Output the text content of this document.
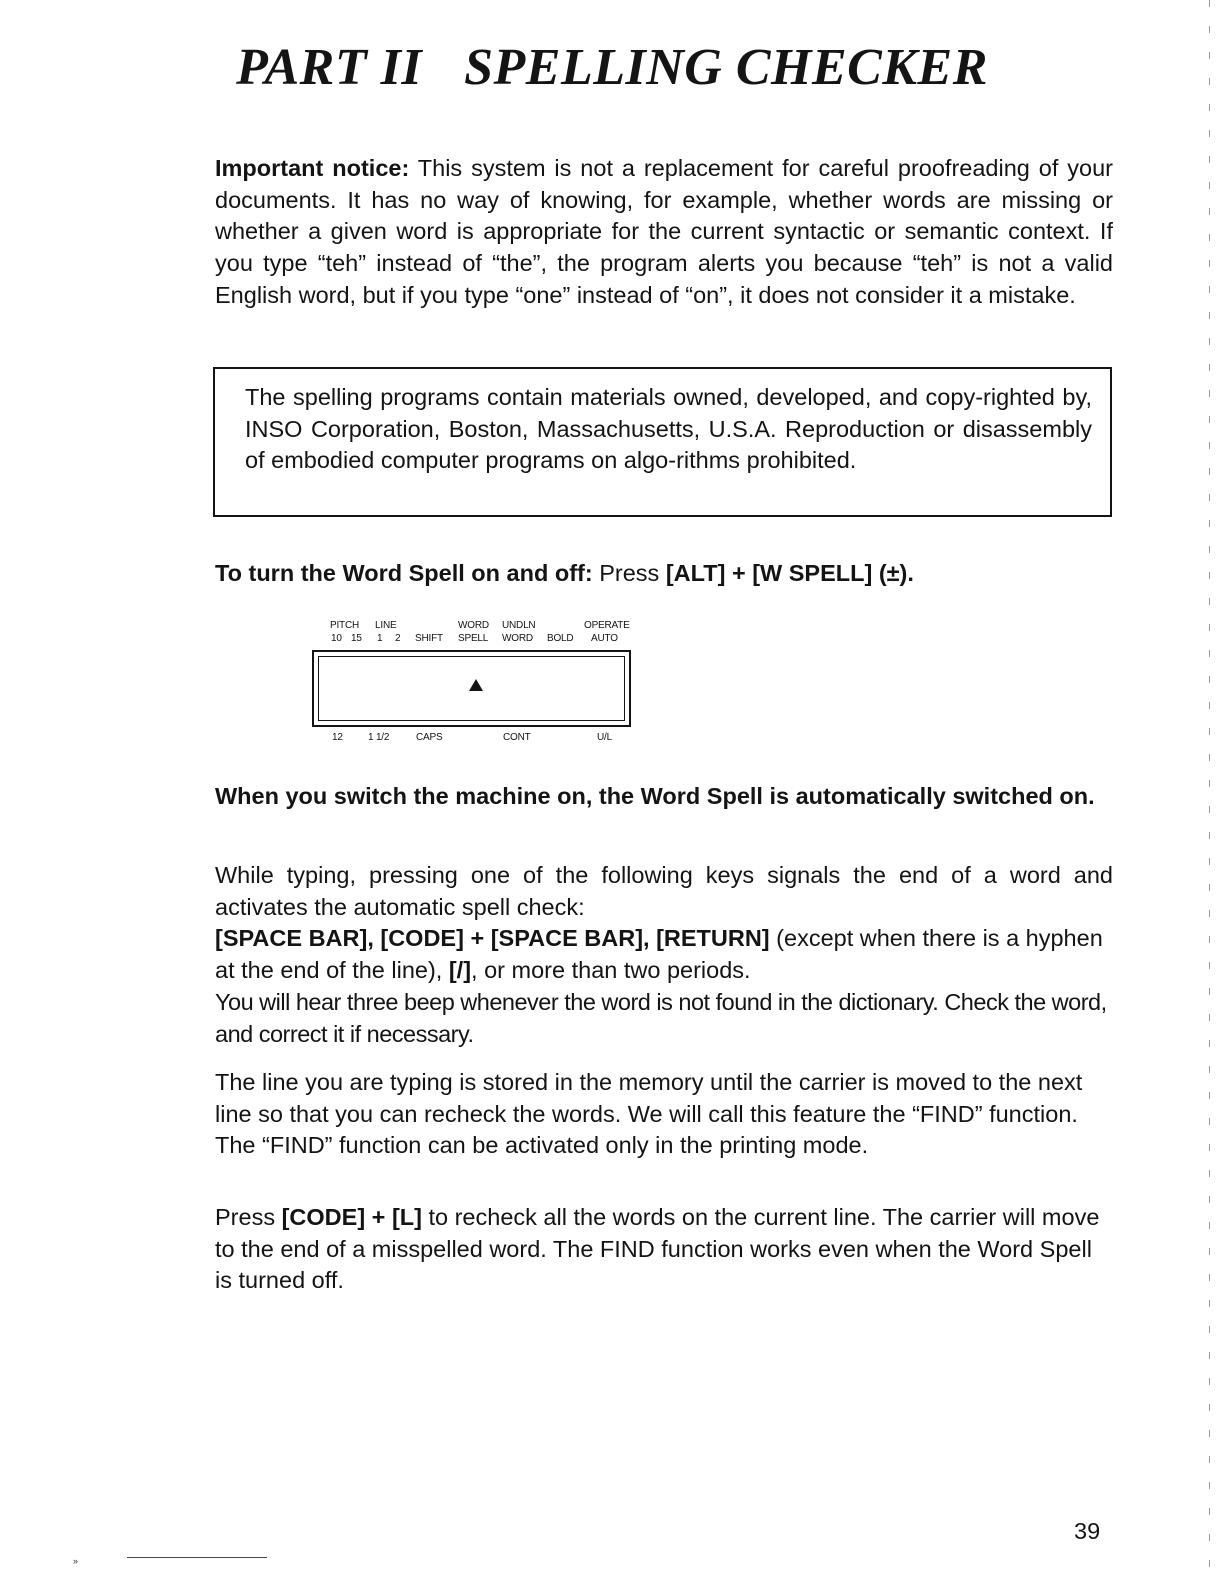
PART II SPELLING CHECKER

Important notice: This system is not a replacement for careful proofreading of your documents. It has no way of knowing, for example, whether words are missing or whether a given word is appropriate for the current syntactic or semantic context. If you type “teh” instead of “the”, the program alerts you because “teh” is not a valid English word, but if you type “one” instead of “on”, it does not consider it a mistake.

The spelling programs contain materials owned, developed, and copy-righted by, INSO Corporation, Boston, Massachusetts, U.S.A. Reproduction or disassembly of embodied computer programs on algo-rithms prohibited.

To turn the Word Spell on and off: Press [ALT] + [W SPELL] (±).

PITCH LINE	WORD UNDLN	OPERATE
10 15 1 2 SHIFT SPELL WORD BOLD AUTO
12	1 1/2	CAPS	CONT	U/L

When you switch the machine on, the Word Spell is automatically switched on.

While typing, pressing one of the following keys signals the end of a word and activates the automatic spell check:
[SPACE BAR], [CODE] + [SPACE BAR], [RETURN] (except when there is a hyphen at the end of the line), [/], or more than two periods.
You will hear three beep whenever the word is not found in the dictionary. Check the word, and correct it if necessary.

The line you are typing is stored in the memory until the carrier is moved to the next line so that you can recheck the words. We will call this feature the “FIND” function. The “FIND” function can be activated only in the printing mode.

Press [CODE] + [L] to recheck all the words on the current line. The carrier will move to the end of a misspelled word. The FIND function works even when the Word Spell is turned off.

39

»
